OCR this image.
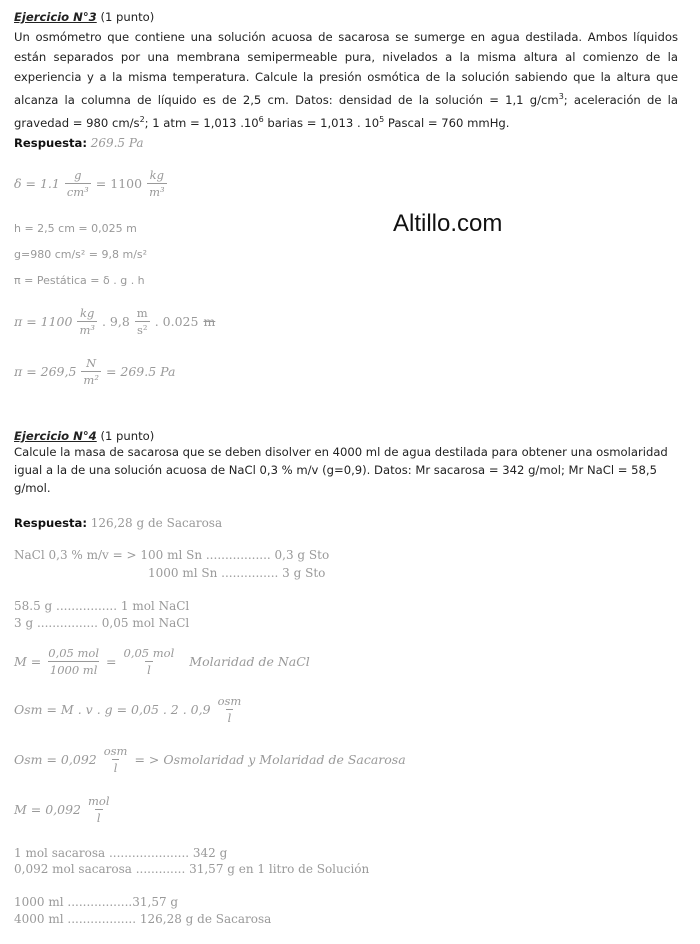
Altillo.com
Ejercicio N°3 (1 punto)
Un osmómetro que contiene una solución acuosa de sacarosa se sumerge en agua destilada. Ambos líquidos están separados por una membrana semipermeable pura, nivelados a la misma altura al comienzo de la experiencia y a la misma temperatura. Calcule la presión osmótica de la solución sabiendo que la altura que alcanza la columna de líquido es de 2,5 cm. Datos: densidad de la solución = 1,1 $g/cm^3$; aceleración de la gravedad = 980 $cm/s^2$; 1 atm = 1,013 $.10^6$ barias = 1,013 . $10^5$ Pascal = 760 mmHg.
Respuesta: 269.5 Pa
$\delta = 1.1 \frac{g}{\text{cm³}} = 1100 \frac{kg}{\text{m³}}$
h = 2,5 cm = 0,025 m
g=980 cm/s² = 9,8 m/s²
π = Pestática = δ . g . h
$\pi = 1100 \frac{kg}{\text{m³}}$ . $9,8 \frac{m}{\text{s²}}$ . 0.025 m
$\pi = 269,5 \frac{N}{\text{m²}} = 269.5$ Pa
Ejercicio N°4 (1 punto)
Calcule la masa de sacarosa que se deben disolver en 4000 ml de agua destilada para obtener una osmolaridad igual a la de una solución acuosa de NaCl 0,3 % m/v (g=0,9). Datos: Mr sacarosa = 342 g/mol; Mr NaCl = 58,5 g/mol.
Respuesta: 126,28 g de Sacarosa
NaCl 0,3 % m/v = > 100 ml Sn ................. 0,3 g Sto
1000 ml Sn ............... 3 g Sto
58.5 g ................ 1 mol NaCl
3 g ................ 0,05 mol NaCl
$M = \frac{\text{0,05 mol}}{1000 ml} = \frac{\text{0,05 mol}}{l}$ Molaridad de NaCl
Osm = M . v . g = 0,05 . 2 . $0,9 \frac{\text{osm}}{l}$
Osm = $0,092 \frac{\text{osm}}{l}$ = > Osmolaridad y Molaridad de Sacarosa
$M = 0,092 \frac{\text{mol}}{l}$
1 mol sacarosa ..................... 342 g
0,092 mol sacarosa ............. 31,57 g en 1 litro de Solución
1000 ml .................31,57 g
4000 ml .................. 126,28 g de Sacarosa
